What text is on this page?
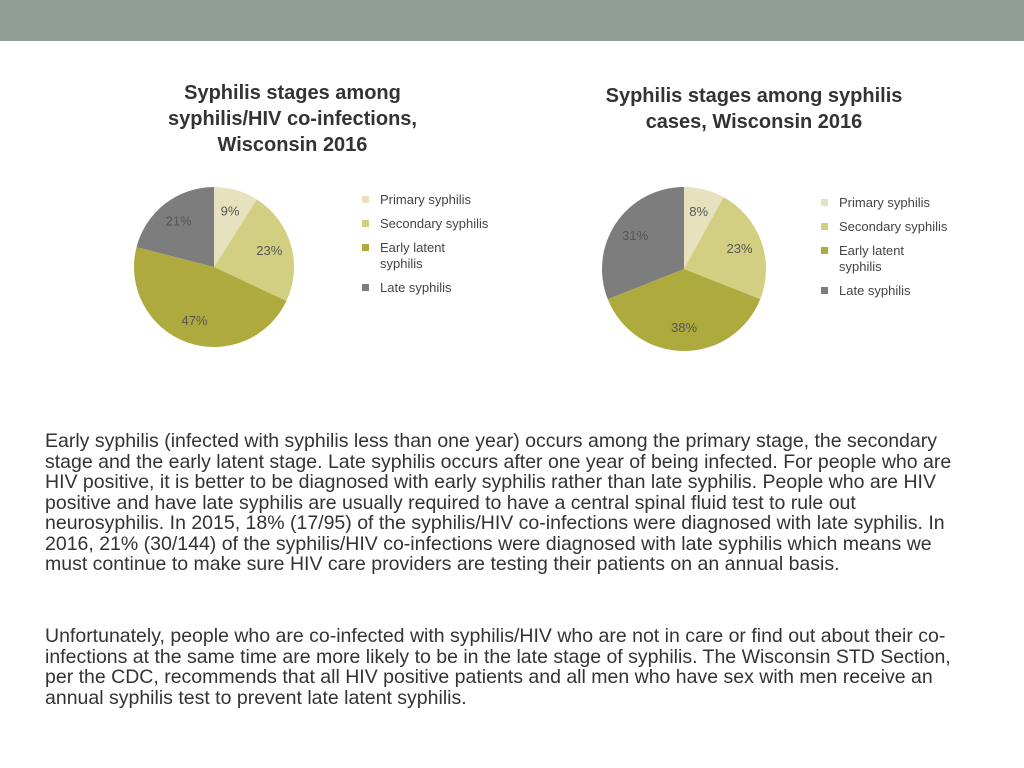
Syphilis stages among syphilis/HIV co-infections, Wisconsin 2016
9%
23%
47%
21%
Primary syphilis
Secondary syphilis
Early latent syphilis
Late syphilis
Syphilis stages among syphilis cases, Wisconsin 2016
8%
23%
38%
31%
Primary syphilis
Secondary syphilis
Early latent syphilis
Late syphilis

Early syphilis (infected with syphilis less than one year) occurs among the primary stage, the secondary stage and the early latent stage. Late syphilis occurs after one year of being infected. For people who are HIV positive, it is better to be diagnosed with early syphilis rather than late syphilis. People who are HIV positive and have late syphilis are usually required to have a central spinal fluid test to rule out neurosyphilis. In 2015, 18% (17/95) of the syphilis/HIV co-infections were diagnosed with late syphilis. In 2016, 21% (30/144) of the syphilis/HIV co-infections were diagnosed with late syphilis which means we must continue to make sure HIV care providers are testing their patients on an annual basis.

Unfortunately, people who are co-infected with syphilis/HIV who are not in care or find out about their co-infections at the same time are more likely to be in the late stage of syphilis. The Wisconsin STD Section, per the CDC, recommends that all HIV positive patients and all men who have sex with men receive an annual syphilis test to prevent late latent syphilis.
